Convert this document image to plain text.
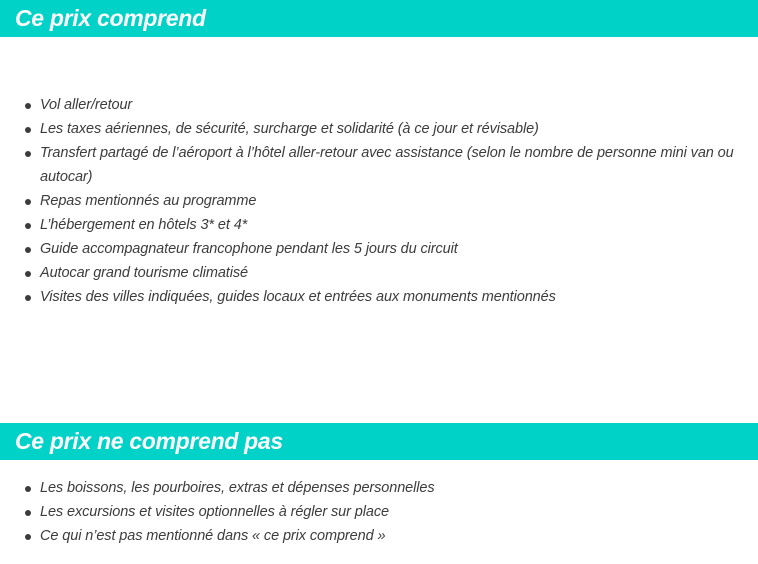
Ce prix comprend
Vol aller/retour
Les taxes aériennes, de sécurité, surcharge et solidarité (à ce jour et révisable)
Transfert partagé de l’aéroport à l’hôtel aller-retour avec assistance (selon le nombre de personne mini van ou autocar)
Repas mentionnés au programme
L’hébergement en hôtels 3* et 4*
Guide accompagnateur francophone pendant les 5 jours du circuit
Autocar grand tourisme climatisé
Visites des villes indiquées, guides locaux et entrées aux monuments mentionnés
Ce prix ne comprend pas
Les boissons, les pourboires, extras et dépenses personnelles
Les excursions et visites optionnelles à régler sur place
Ce qui n’est pas mentionné dans « ce prix comprend »
